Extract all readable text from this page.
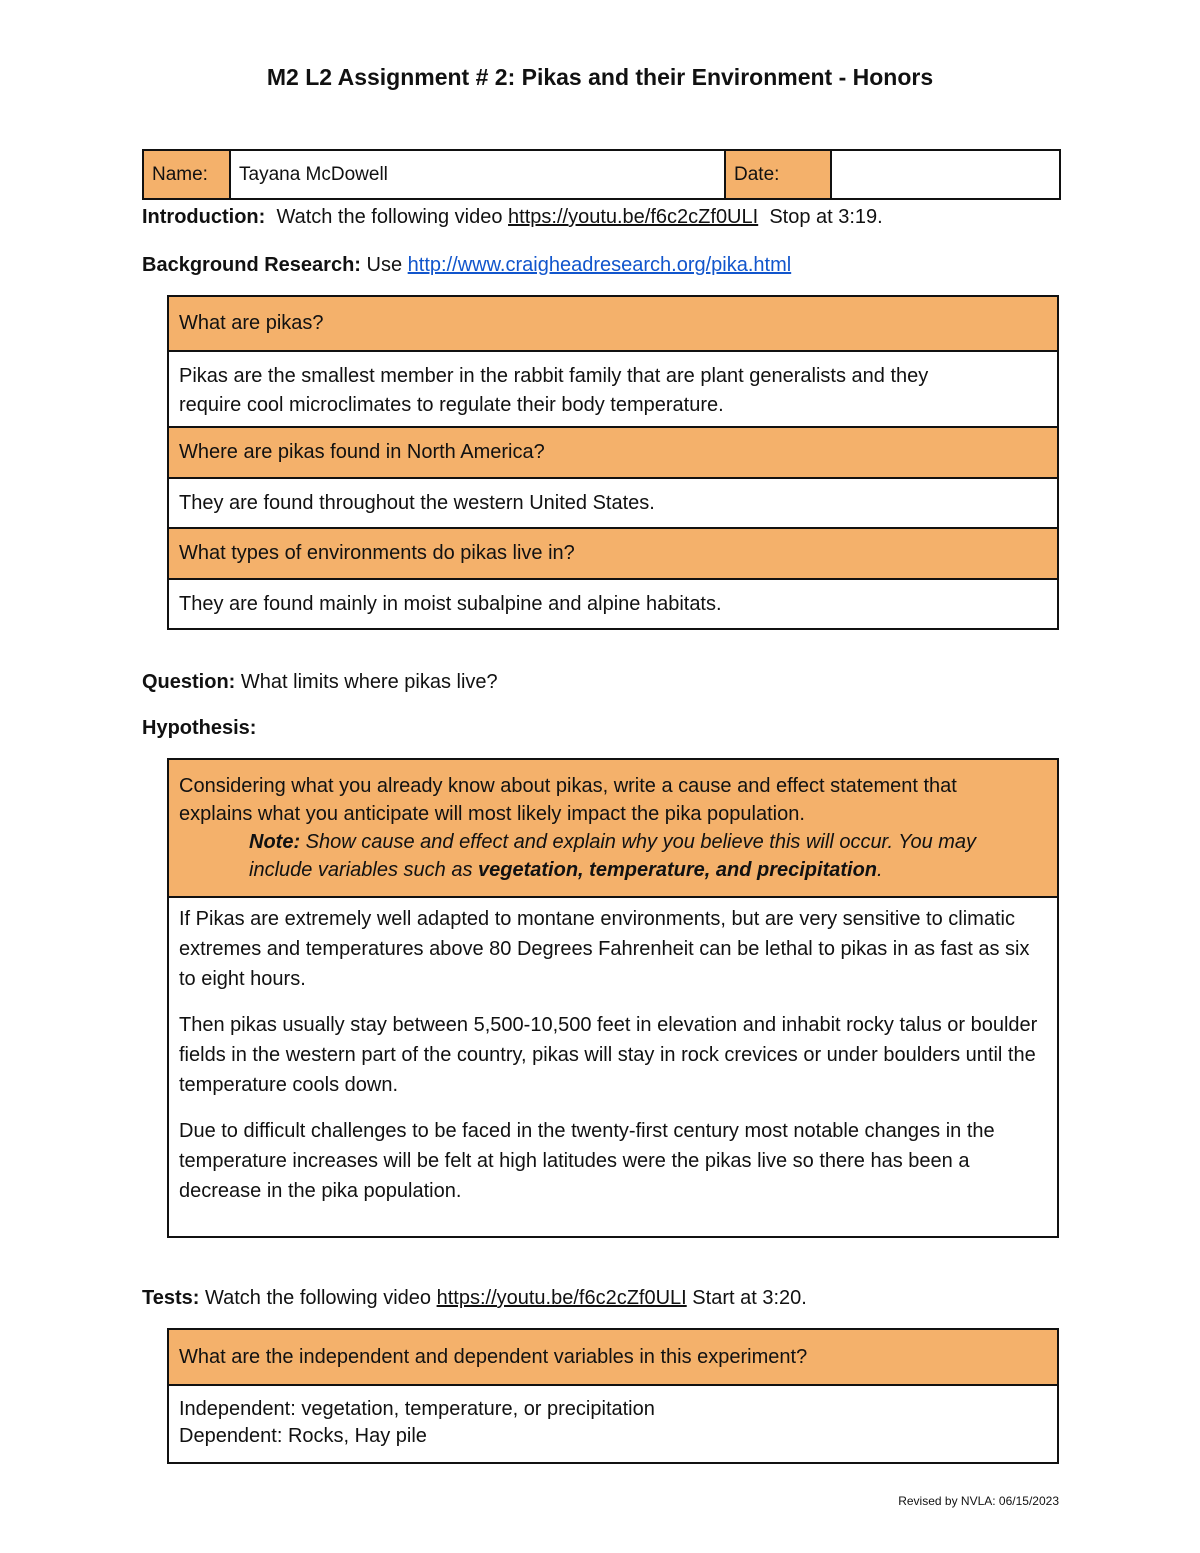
M2 L2 Assignment # 2: Pikas and their Environment - Honors
Name:	Tayana McDowell	Date:
Introduction: Watch the following video https://youtu.be/f6c2cZf0ULI Stop at 3:19.
Background Research: Use http://www.craigheadresearch.org/pika.html
What are pikas?
Pikas are the smallest member in the rabbit family that are plant generalists and they
require cool microclimates to regulate their body temperature.
Where are pikas found in North America?
They are found throughout the western United States.
What types of environments do pikas live in?
They are found mainly in moist subalpine and alpine habitats.
Question: What limits where pikas live?
Hypothesis:
Considering what you already know about pikas, write a cause and effect statement that
explains what you anticipate will most likely impact the pika population.
Note: Show cause and effect and explain why you believe this will occur. You may
include variables such as vegetation, temperature, and precipitation.

If Pikas are extremely well adapted to montane environments, but are very sensitive to climatic extremes and temperatures above 80 Degrees Fahrenheit can be lethal to pikas in as fast as six to eight hours.

Then pikas usually stay between 5,500-10,500 feet in elevation and inhabit rocky talus or boulder fields in the western part of the country, pikas will stay in rock crevices or under boulders until the temperature cools down.

Due to difficult challenges to be faced in the twenty-first century most notable changes in the temperature increases will be felt at high latitudes were the pikas live so there has been a decrease in the pika population.

Tests: Watch the following video https://youtu.be/f6c2cZf0ULI Start at 3:20.
What are the independent and dependent variables in this experiment?
Independent: vegetation, temperature, or precipitation
Dependent: Rocks, Hay pile
Revised by NVLA: 06/15/2023
